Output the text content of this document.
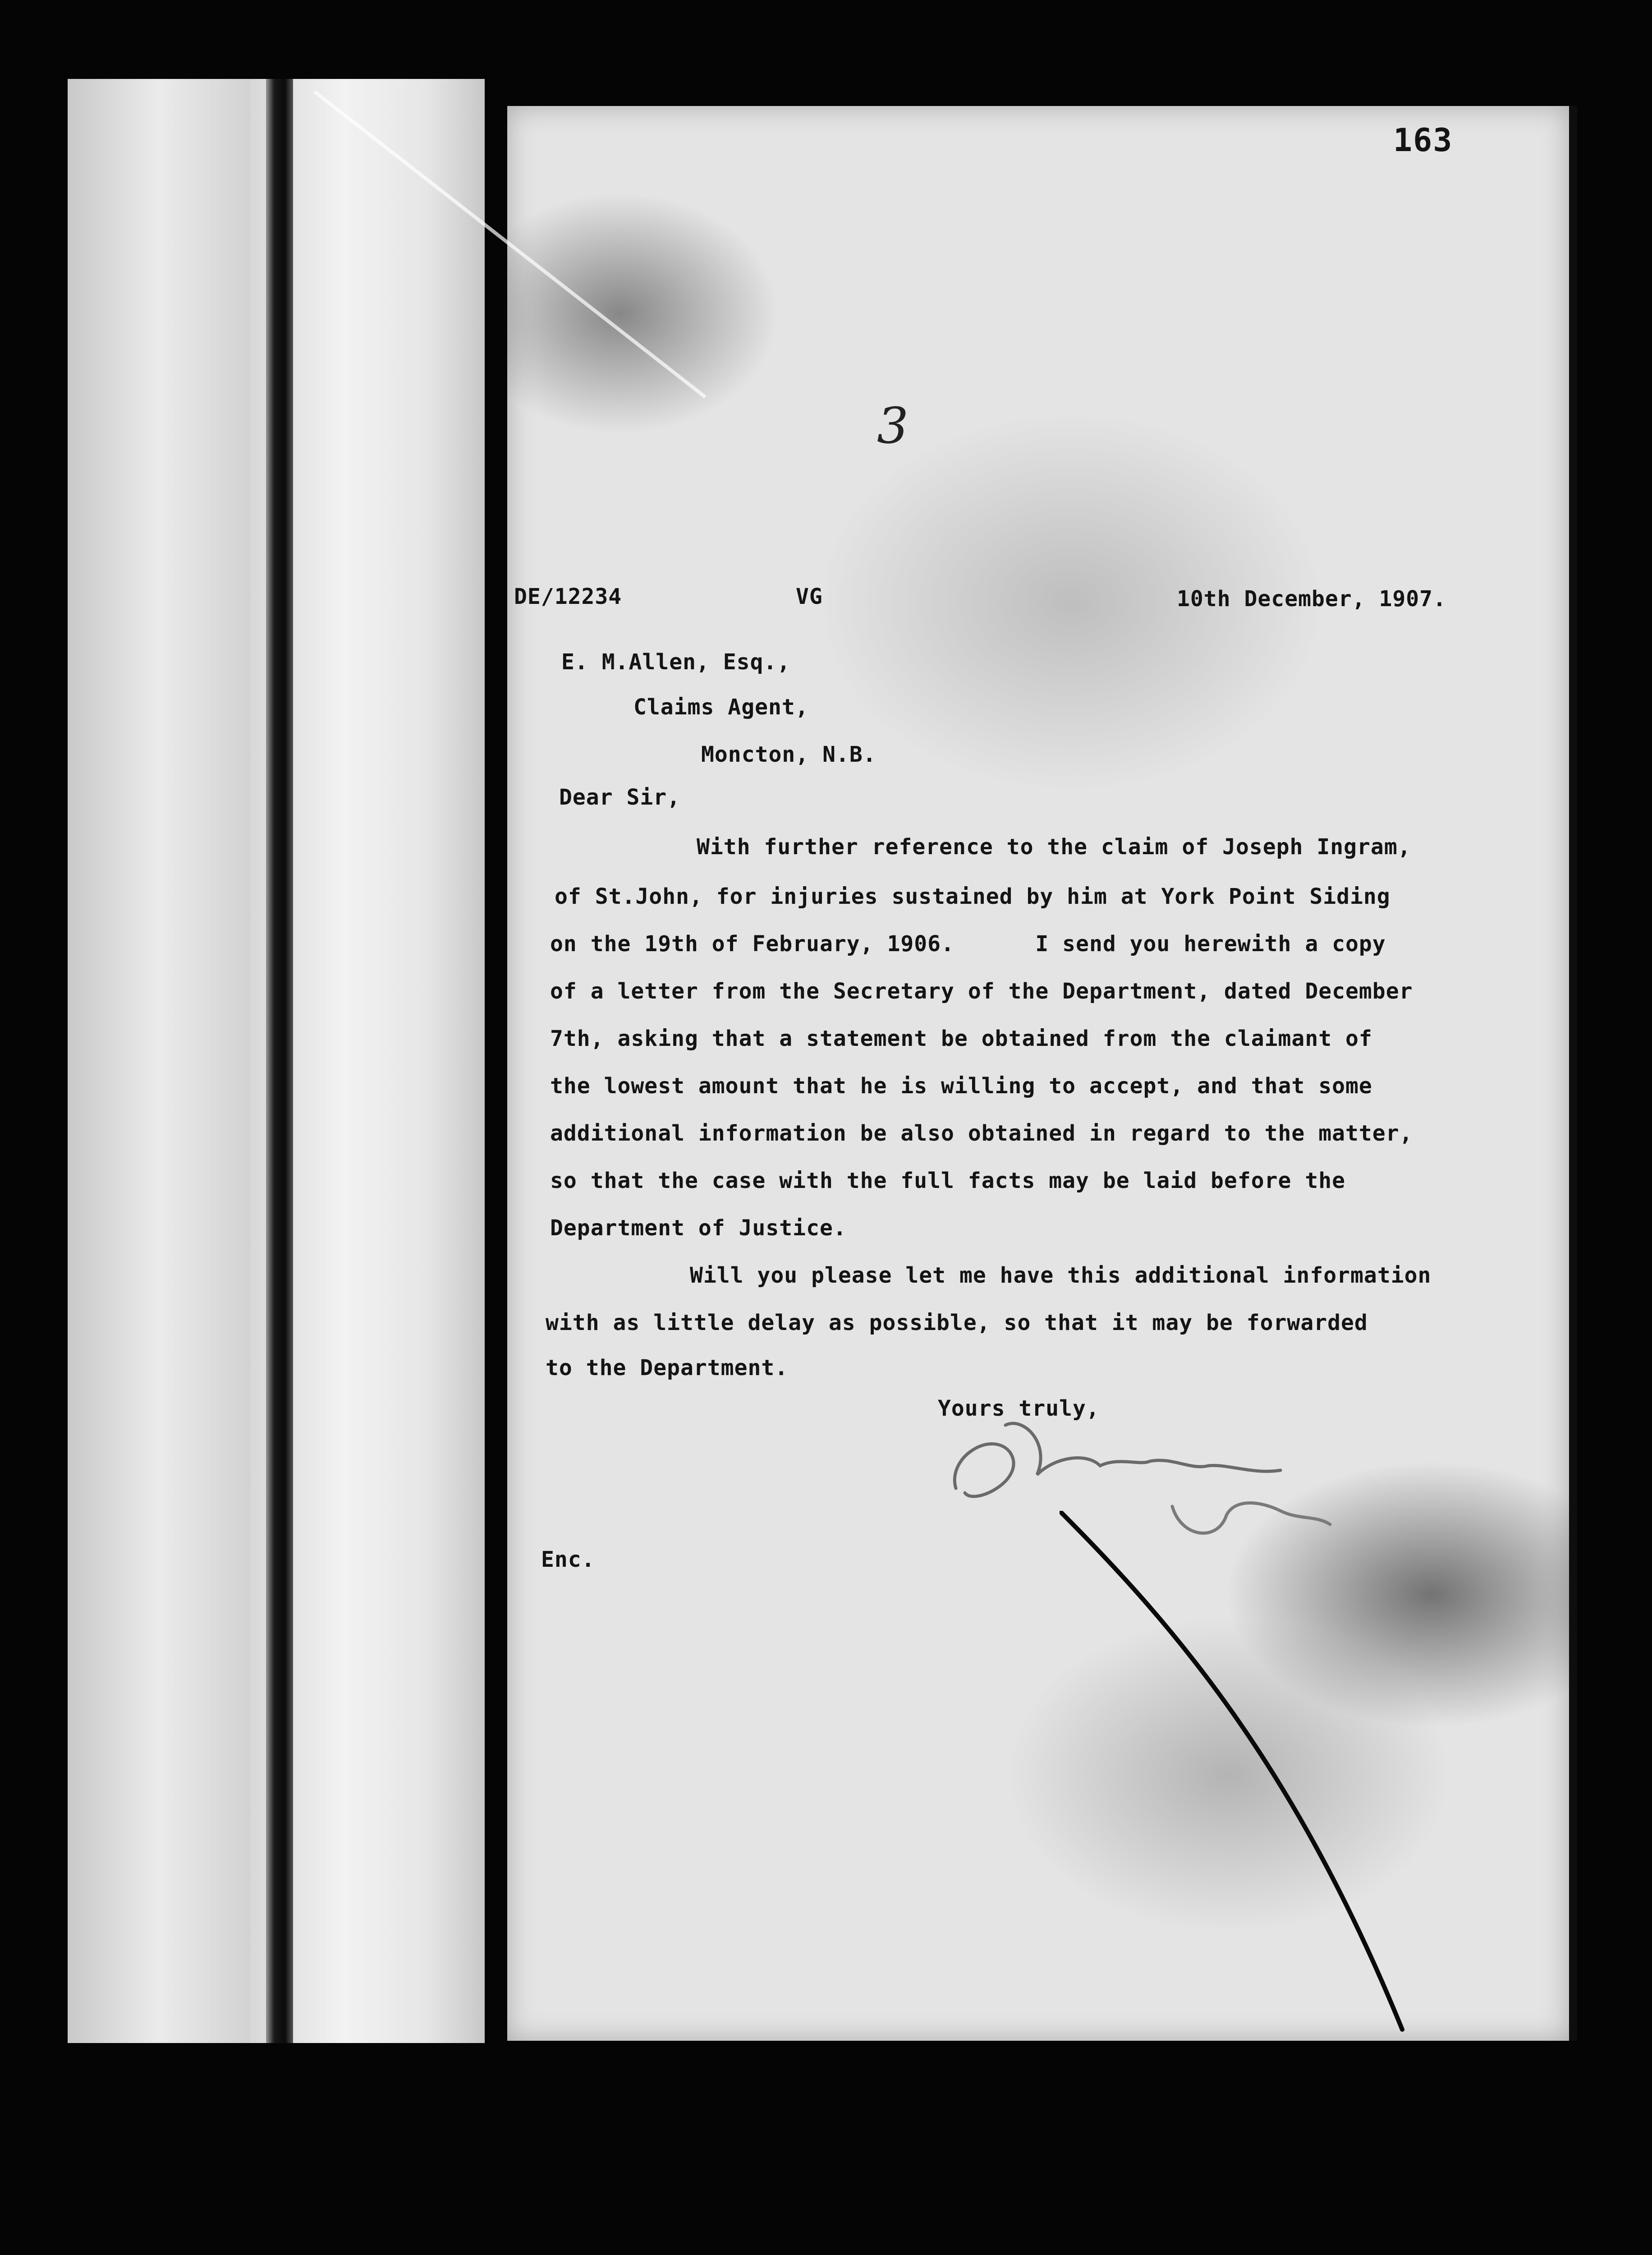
163
3
DE/12234	VG	10th December, 1907.
E. M.Allen, Esq.,
Claims Agent,
Moncton, N.B.
Dear Sir,
With further reference to the claim of Joseph Ingram,
of St.John, for injuries sustained by him at York Point Siding
on the 19th of February, 1906.      I send you herewith a copy
of a letter from the Secretary of the Department, dated December
7th, asking that a statement be obtained from the claimant of
the lowest amount that he is willing to accept, and that some
additional information be also obtained in regard to the matter,
so that the case with the full facts may be laid before the
Department of Justice.
Will you please let me have this additional information
with as little delay as possible, so that it may be forwarded
to the Department.
Yours truly,
Enc.
